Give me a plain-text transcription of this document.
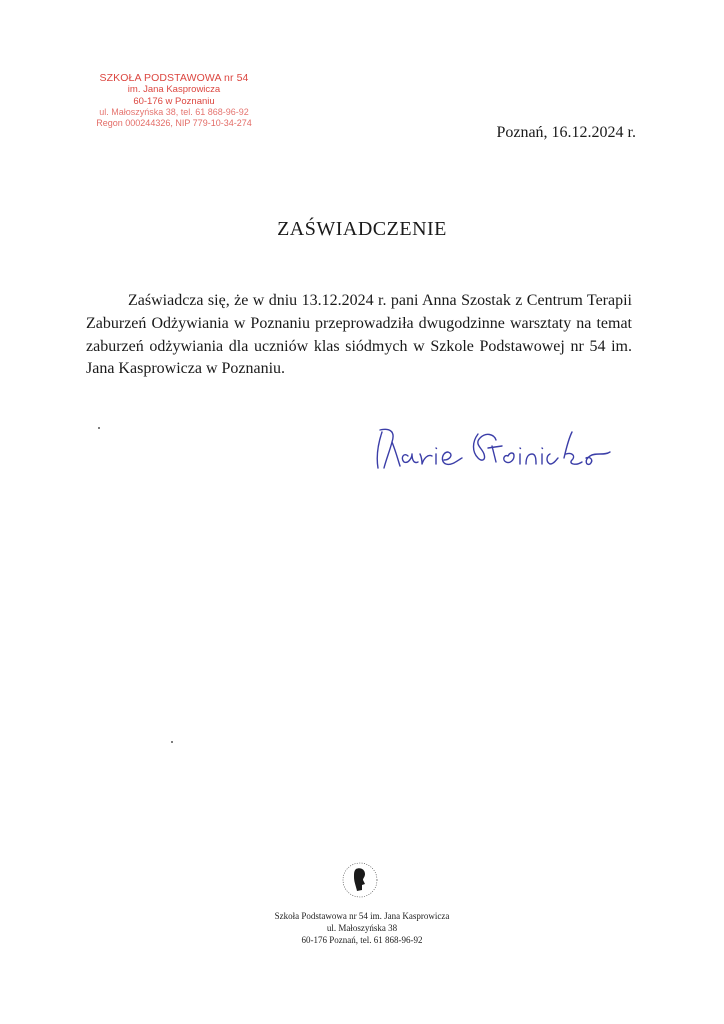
SZKOŁA PODSTAWOWA nr 54
im. Jana Kasprowicza
60-176 w Poznaniu
ul. Małoszyńska 38, tel. 61 868-96-92
Regon 000244326, NIP 779-10-34-274
Poznań, 16.12.2024 r.
ZAŚWIADCZENIE

Zaświadcza się, że w dniu 13.12.2024 r. pani Anna Szostak z Centrum Terapii Zaburzeń Odżywiania w Poznaniu przeprowadziła dwugodzinne warsztaty na temat zaburzeń odżywiania dla uczniów klas siódmych w Szkole Podstawowej nr 54 im. Jana Kasprowicza w Poznaniu.

Szkoła Podstawowa nr 54 im. Jana Kasprowicza
ul. Małoszyńska 38
60-176 Poznań, tel. 61 868-96-92
